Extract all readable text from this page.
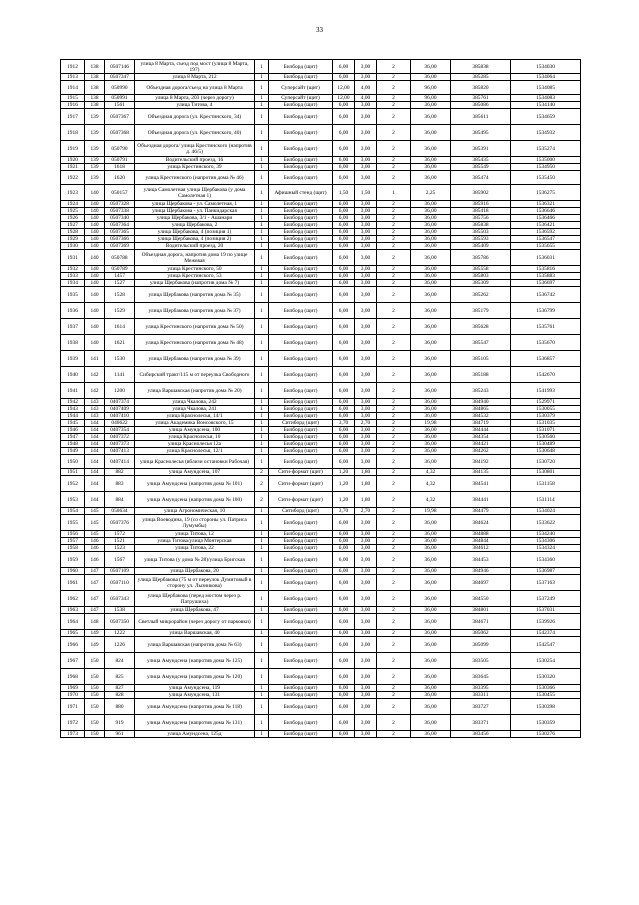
33
1912	138	0507146	улица 8 Марта, съезд под мост (улица 8 Марта, 197)	1	Билборд (щит)	6,00	3,00	2	36,00	385838	1534030
1913	138	0507347	улица 8 Марта, 212	1	Билборд (щит)	6,00	3,00	2	36,00	385285	1534064
1914	138	050990	Объездная дорога/съезд на улица 8 Марта	1	Суперсайт (щит)	12,00	4,00	2	96,00	385820	1534085
1915	138	050991	улица 8 Марта, 203 (через дорогу)	1	Суперсайт (щит)	12,00	4,00	2	96,00	385761	1534083
1916	138	1561	улица Титова, 4	1	Билборд (щит)	6,00	3,00	2	36,00	385086	1534140
1917	139	0507367	Объездная дорога (ул. Крестинского, 34)	1	Билборд (щит)	6,00	3,00	2	36,00	385611	1534659
1918	139	0507368	Объездная дорога (ул. Крестинского, 40)	1	Билборд (щит)	6,00	3,00	2	36,00	385495	1534932
1919	139	050790	Объездная дорога/ улица Крестинского (напротив д. 46/5)	1	Билборд (щит)	6,00	3,00	2	36,00	385391	1535274
1920	139	050791	Водительский проезд, 16	1	Билборд (щит)	6,00	3,00	2	36,00	385435	1535000
1921	139	1618	улица Крестинского, 39	1	Билборд (щит)	6,00	3,00	2	36,00	385549	1534950
1922	139	1620	улица Крестинского (напротив дома № 46)	1	Билборд (щит)	6,00	3,00	2	36,00	385474	1535450
1923	140	050157	улица Самолетная улица Щербакова (у дома Самолетная 1)	1	Афишный стенд (щит)	1,50	1,50	1	2,25	385902	1536275
1924	140	0507328	улица Щербакова - ул. Самолетная, 1	1	Билборд (щит)	6,00	3,00	2	36,00	385916	1536321
1925	140	0507338	улица Щербакова - ул. Панкидарская	1	Билборд (щит)	6,00	3,00	2	36,00	385418	1536646
1926	140	0507340	улица Щербакова, 3/1 - Ашанари	1	Билборд (щит)	6,00	3,00	2	36,00	385756	1536466
1927	140	0507364	улица Щербакова, 2	1	Билборд (щит)	6,00	3,00	2	36,00	385838	1536421
1928	140	0507365	улица Щербакова, 4 (позиция 1)	1	Билборд (щит)	6,00	3,00	2	36,00	385503	1536592
1929	140	0507366	улица Щербакова, 4 (позиция 2)	1	Билборд (щит)	6,00	3,00	2	36,00	385593	1536547
1930	140	0507369	Водительский проезд, 20	1	Билборд (щит)	6,00	3,00	2	36,00	385409	1535655
1931	140	050788	Объездная дорога, напротив дома 19 по улице Межевая	1	Билборд (щит)	6,00	3,00	2	36,00	385786	1536031
1932	140	050789	улица Крестинского, 50	1	Билборд (щит)	6,00	3,00	2	36,00	385558	1535816
1933	140	1457	улица Крестинского, 53	1	Билборд (щит)	6,00	3,00	2	36,00	385803	1535883
1934	140	1527	улица Щербакова (напротив дома № 7)	1	Билборд (щит)	6,00	3,00	2	36,00	385309	1536697
1935	140	1528	улица Щербакова (напротив дома № 35)	1	Билборд (щит)	6,00	3,00	2	36,00	385262	1536742
1936	140	1529	улица Щербакова (напротив дома № 37)	1	Билборд (щит)	6,00	3,00	2	36,00	385179	1536799
1937	140	1614	улица Крестинского (напротив дома № 50)	1	Билборд (щит)	6,00	3,00	2	36,00	385628	1535761
1938	140	1621	улица Крестинского (напротив дома № 48)	1	Билборд (щит)	6,00	3,00	2	36,00	385547	1535670
1939	141	1530	улица Щербакова (напротив дома № 39)	1	Билборд (щит)	6,00	3,00	2	36,00	385105	1536857
1940	142	1141	Сибирский тракт/115 м от переулка Свободного	1	Билборд (щит)	6,00	3,00	2	36,00	385188	1542670
1941	142	1200	улица Варшавская (напротив дома № 20)	1	Билборд (щит)	6,00	3,00	2	36,00	385243	1541993
1942	143	0407374	улица Чкалова, 242	1	Билборд (щит)	6,00	3,00	2	36,00	384940	1529971
1943	143	0407409	улица Чкалова, 241	1	Билборд (щит)	6,00	3,00	2	36,00	384865	1530055
1944	143	0407410	улица Краснолесья, 14/1	1	Билборд (щит)	6,00	3,00	2	36,00	384532	1530379
1945	144	040622	улица Академика Вонсовского, 15	1	Ситиборд (щит)	3,70	2,70	2	19,98	384719	1531035
1946	144	0407354	улица Амундсена, 100	1	Билборд (щит)	6,00	3,00	2	36,00	384444	1531071
1947	144	0407372	улица Краснолесья, 10	1	Билборд (щит)	6,00	3,00	2	36,00	384354	1530560
1948	144	0407373	улица Краснолесья 12а	1	Билборд (щит)	6,00	3,00	2	36,00	384421	1530489
1949	144	0407413	улица Краснолесья, 12/1	1	Билборд (щит)	6,00	3,00	2	36,00	384262	1530648
1950	144	0407414	улица Краснолесья (вблизи остановки Рабочая)	1	Билборд (щит)	6,00	3,00	2	36,00	384192	1530720
1951	144	882	улица Амундсена, 107	2	Сити-формат (щит)	1,20	1,80	2	4,32	384135	1530801
1952	144	883	улица Амундсена (напротив дома № 101)	2	Сити-формат (щит)	1,20	1,80	2	4,32	384541	1531158
1953	144	884	улица Амундсена (напротив дома № 100)	2	Сити-формат (щит)	1,20	1,80	2	4,32	384441	1531114
1954	145	050634	улица Агрономическая, 10	1	Ситиборд (щит)	3,70	2,70	2	19,98	384479	1534024
1955	145	0507376	улица Воеводина, 19 (со стороны ул. Патриса Лумумбы)	1	Билборд (щит)	6,00	3,00	2	36,00	384624	1533622
1956	145	1572	улица Титова, 12	1	Билборд (щит)	6,00	3,00	2	36,00	384888	1534240
1957	146	1521	улица Титова/улица Монтерская	1	Билборд (щит)	6,00	3,00	2	36,00	384844	1534306
1958	146	1523	улица Титова, 22	1	Билборд (щит)	6,00	3,00	2	36,00	384612	1534324
1959	146	1567	улица Титова (у дома № 28)/улица Бригская	1	Билборд (щит)	6,00	3,00	2	36,00	384453	1534360
1960	147	0507109	улица Щербакова, 20	1	Билборд (щит)	6,00	3,00	2	36,00	384946	1536987
1961	147	0507110	улица Щербакова (75 м от переулок Думитовый в сторону ул. Лызникова)	1	Билборд (щит)	6,00	3,00	2	36,00	384697	1537163
1962	147	0507343	улица Щербакова (перед мостом через р. Патрушиха)	1	Билборд (щит)	6,00	3,00	2	36,00	384550	1537249
1963	147	1538	улица Щербакова, 47	1	Билборд (щит)	6,00	3,00	2	36,00	384801	1537031
1964	148	0507350	Светлый микрорайон (через дорогу от парковки)	1	Билборд (щит)	6,00	3,00	2	36,00	384671	1539926
1965	149	1222	улица Варшавская, 40	1	Билборд (щит)	6,00	3,00	2	36,00	385062	1542374
1966	149	1226	улица Варшавская (напротив дома № 63)	1	Билборд (щит)	6,00	3,00	2	36,00	385099	1542547
1967	150	824	улица Амундсена (напротив дома № 125)	1	Билборд (щит)	6,00	3,00	2	36,00	383505	1530254
1968	150	825	улица Амундсена (напротив дома № 120)	1	Билборд (щит)	6,00	3,00	2	36,00	383645	1530320
1969	150	827	улица Амундсена, 119	1	Билборд (щит)	6,00	3,00	2	36,00	383395	1530366
1970	150	828	улица Амундсена, 131	1	Билборд (щит)	6,00	3,00	2	36,00	383311	1530455
1971	150	880	улица Амундсена (напротив дома № 118)	1	Билборд (щит)	6,00	3,00	2	36,00	383727	1530398
1972	150	919	улица Амундсена (напротив дома № 131)	1	Билборд (щит)	6,00	3,00	2	36,00	383371	1530359
1973	150	961	улица Амундсена, 125д	1	Билборд (щит)	6,00	3,00	2	36,00	383456	1530276
